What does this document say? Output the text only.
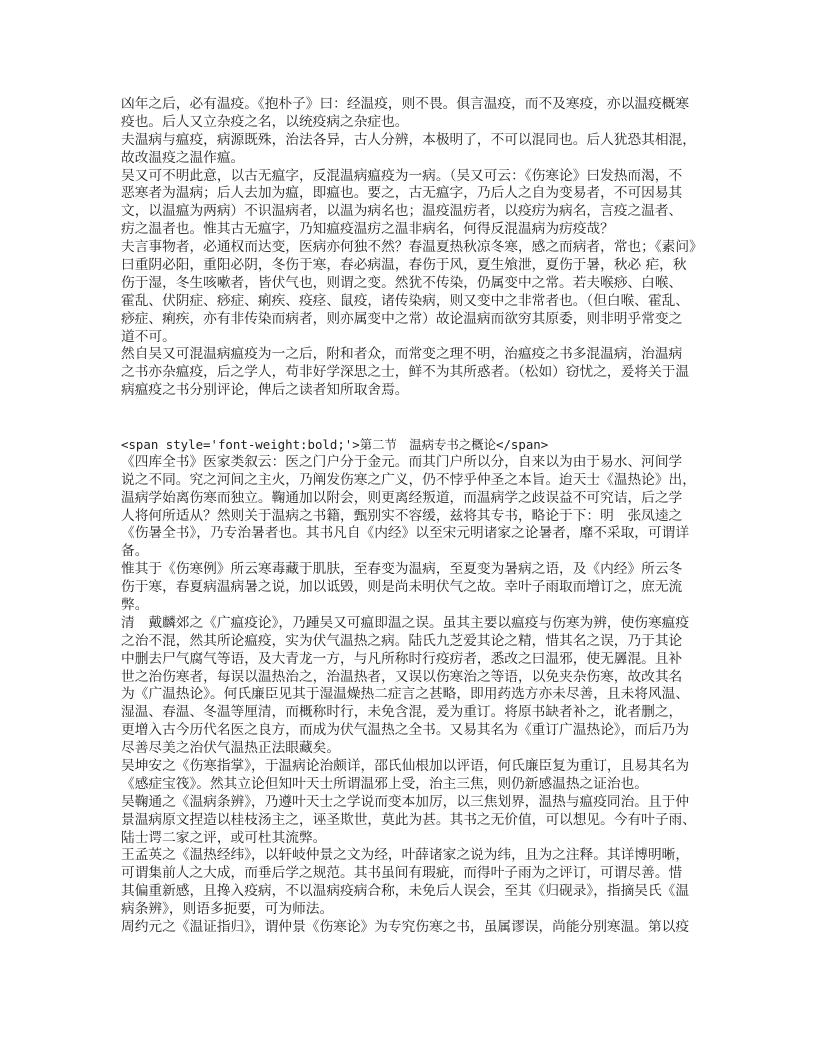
凶年之后，必有温疫。《抱朴子》曰：经温疫，则不畏。俱言温疫，而不及寒疫，亦以温疫概寒
疫也。后人又立杂疫之名，以统疫病之杂症也。
夫温病与瘟疫，病源既殊，治法各异，古人分辨，本极明了，不可以混同也。后人犹恐其相混，
故改温疫之温作瘟。
吴又可不明此意，以古无瘟字，反混温病瘟疫为一病。（吴又可云：《伤寒论》曰发热而渴，不
恶寒者为温病；后人去加为瘟，即瘟也。要之，古无瘟字，乃后人之自为变易者，不可因易其
文，以温瘟为两病）不识温病者，以温为病名也；温疫温疠者，以疫疠为病名，言疫之温者、
疠之温者也。惟其古无瘟字，乃知瘟疫温疠之温非病名，何得反混温病为疠疫哉？
夫言事物者，必通权而达变，医病亦何独不然？春温夏热秋凉冬寒，感之而病者，常也；《素问》
曰重阴必阳，重阳必阴，冬伤于寒，春必病温，春伤于风，夏生飧泄，夏伤于暑，秋必 疟，秋
伤于湿，冬生咳嗽者，皆伏气也，则谓之变。然犹不传染，仍属变中之常。若夫喉痧、白喉、
霍乱、伏阴症、痧症、痢疾、疫痉、鼠疫，诸传染病，则又变中之非常者也。（但白喉、霍乱、
痧症、痢疾，亦有非传染而病者，则亦属变中之常）故论温病而欲穷其原委，则非明乎常变之
道不可。
然自吴又可混温病瘟疫为一之后，附和者众，而常变之理不明，治瘟疫之书多混温病，治温病
之书亦杂瘟疫，后之学人，苟非好学深思之士，鲜不为其所惑者。（松如）窃忧之，爰将关于温
病瘟疫之书分别评论，俾后之读者知所取舍焉。
<span style='font-weight:bold;'>第二节　温病专书之概论</span>
《四库全书》医家类叙云：医之门户分于金元。而其门户所以分，自来以为由于易水、河间学
说之不同。究之河间之主火，乃阐发伤寒之广义，仍不悖乎仲圣之本旨。迨天士《温热论》出，
温病学始离伤寒而独立。鞠通加以附会，则更离经叛道，而温病学之歧误益不可究诘，后之学
人将何所适从？然则关于温病之书籍，甄别实不容缓，兹将其专书，略论于下：明　张凤逵之
《伤暑全书》，乃专治暑者也。其书凡自《内经》以至宋元明诸家之论暑者，靡不采取，可谓详
备。
惟其于《伤寒例》所云寒毒藏于肌肤，至春变为温病，至夏变为暑病之语，及《内经》所云冬
伤于寒，春夏病温病暑之说，加以诋毁，则是尚未明伏气之故。幸叶子雨取而增订之，庶无流
弊。
清　戴麟郊之《广瘟疫论》，乃踵吴又可瘟即温之误。虽其主要以瘟疫与伤寒为辨，使伤寒瘟疫
之治不混，然其所论瘟疫，实为伏气温热之病。陆氏九芝爱其论之精，惜其名之误，乃于其论
中删去尸气腐气等语，及大青龙一方，与凡所称时行疫疠者，悉改之曰温邪，使无羼混。且补
世之治伤寒者，每误以温热治之，治温热者，又误以伤寒治之等语，以免夹杂伤寒，故改其名
为《广温热论》。何氏廉臣见其于湿温燥热二症言之甚略，即用药选方亦未尽善，且未将风温、
湿温、春温、冬温等厘清，而概称时行，未免含混，爰为重订。将原书缺者补之，讹者删之，
更增入古今历代名医之良方，而成为伏气温热之全书。又易其名为《重订广温热论》，而后乃为
尽善尽美之治伏气温热正法眼藏矣。
吴坤安之《伤寒指掌》，于温病论治颇详，邵氏仙根加以评语，何氏廉臣复为重订，且易其名为
《感症宝筏》。然其立论但知叶天士所谓温邪上受，治主三焦，则仍新感温热之证治也。
吴鞠通之《温病条辨》，乃遵叶天士之学说而变本加厉，以三焦划界，温热与瘟疫同治。且于仲
景温病原文捏造以桂枝汤主之，诬圣欺世，莫此为甚。其书之无价值，可以想见。今有叶子雨、
陆士谔二家之评，或可杜其流弊。
王孟英之《温热经纬》，以轩岐仲景之文为经，叶薛诸家之说为纬，且为之注释。其详博明晰，
可谓集前人之大成，而垂后学之规范。其书虽间有瑕疵，而得叶子雨为之评订，可谓尽善。惜
其偏重新感，且搀入疫病，不以温病疫病合称，未免后人误会，至其《归砚录》，指摘吴氏《温
病条辨》，则语多扼要，可为师法。
周约元之《温证指归》，谓仲景《伤寒论》为专究伤寒之书，虽属谬误，尚能分别寒温。第以疫
